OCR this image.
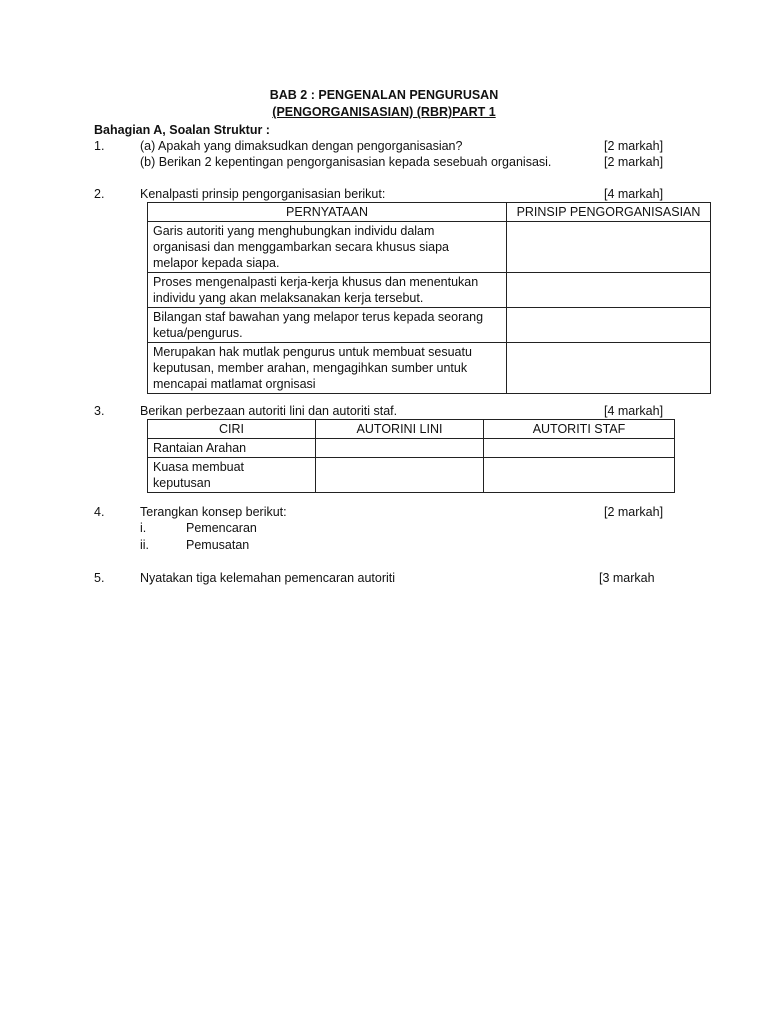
BAB 2 : PENGENALAN PENGURUSAN
(PENGORGANISASIAN) (RBR)PART 1
Bahagian A, Soalan Struktur :
1.	(a) Apakah yang dimaksudkan dengan pengorganisasian?	[2 markah]
(b) Berikan 2 kepentingan pengorganisasian kepada sesebuah organisasi.	[2 markah]
2.	Kenalpasti prinsip pengorganisasian berikut:	[4 markah]
PERNYATAAN	PRINSIP PENGORGANISASIAN

Garis autoriti yang menghubungkan individu dalam
organisasi dan menggambarkan secara khusus siapa
melapor kepada siapa.	

Proses mengenalpasti kerja-kerja khusus dan menentukan
individu yang akan melaksanakan kerja tersebut.	

Bilangan staf bawahan yang melapor terus kepada seorang
ketua/pengurus.	

Merupakan hak mutlak pengurus untuk membuat sesuatu
keputusan, member arahan, mengagihkan sumber untuk
mencapai matlamat orgnisasi	

3.	Berikan perbezaan autoriti lini dan autoriti staf.	[4 markah]
CIRI	AUTORINI LINI	AUTORITI STAF

Rantaian Arahan		

Kuasa membuat
keputusan		

4.	Terangkan konsep berikut:	[2 markah]
i.	Pemencaran
ii.	Pemusatan
5.	Nyatakan tiga kelemahan pemencaran autoriti	[3 markah
